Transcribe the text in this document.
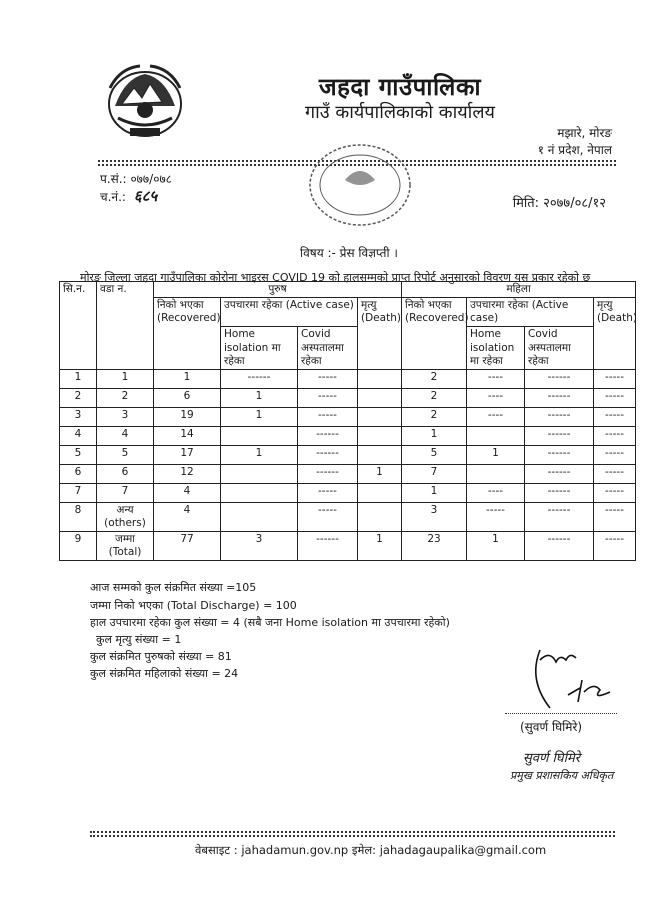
जहदा गाउँपालिका
गाउँ कार्यपालिकाको कार्यालय
मझारे, मोरङ
१ नं प्रदेश, नेपाल
प.सं.: ०७७/०७८
च.नं.: ६८५	मिति: २०७७/०८/१२
विषय :- प्रेस विज्ञप्ती ।
मोरङ जिल्ला जहदा गाउँपालिका कोरोना भाइरस COVID 19 को हालसम्मको प्राप्त रिपोर्ट अनुसारको विवरण यस प्रकार रहेको छ
सि.न.	वडा न.	पुरुष				महिला			
		निको भएका (Recovered)	उपचारमा रहेका (Active case)		मृत्यु (Death)	निको भएका (Recovered)	उपचारमा रहेका (Active case)		मृत्यु (Death)
			Home isolation मा रहेका	Covid अस्पतालमा रहेका			Home isolation मा रहेका	Covid अस्पतालमा रहेका	
1	1	1	------	-----		2	----	------	-----
2	2	6	1	-----		2	----	------	-----
3	3	19	1	-----		2	----	------	-----
4	4	14		------		1		------	-----
5	5	17	1	------		5	1	------	-----
6	6	12		------	1	7		------	-----
7	7	4		-----		1	----	------	-----
8	अन्य (others)	4		-----		3	-----	------	-----
9	जम्मा (Total)	77	3	------	1	23	1	------	-----
आज सम्मको कुल संक्रमित संख्या =105
जम्मा निको भएका (Total Discharge) = 100
हाल उपचारमा रहेका कुल संख्या = 4 (सबै जना Home isolation मा उपचारमा रहेको)
कुल मृत्यु संख्या = 1
कुल संक्रमित पुरुषको संख्या = 81
कुल संक्रमित महिलाको संख्या = 24
(सुवर्ण घिमिरे)
सुवर्ण घिमिरे
प्रमुख प्रशासकिय अधिकृत
वेबसाइट : jahadamun.gov.np इमेल: jahadagaupalika@gmail.com
